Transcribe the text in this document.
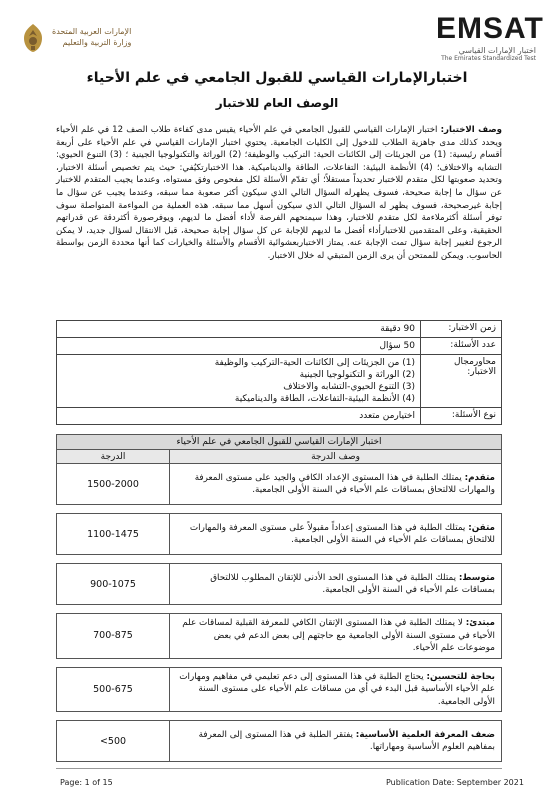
الإمارات العربية المتحدة
وزارة التربية والتعليم	EMSAT
اختبار الإمارات القياسي
The Emirates Standardized Test
اختبارالإمارات القياسي للقبول الجامعي في علم الأحياء
الوصف العام للاختبار
وصف الاختبار: اختبار الإمارات القياسي للقبول الجامعي في علم الأحياء يقيس مدى كفاءة طلاب الصف 12 في علم الأحياء ويحدد كذلك مدى جاهزية الطلاب للدخول إلى الكليات الجامعية. يحتوي اختبار الإمارات القياسي في علم الأحياء على أربعة أقسام رئيسية: (1) من الجزيئات إلى الكائنات الحية: التركيب والوظيفة؛ (2) الوراثة والتكنولوجيا الجينية ؛ (3) التنوع الحيوي: التشابه والاختلاف؛ (4) الأنظمة البيئية: التفاعلات، الطاقة والديناميكية. هذا الاختبارتكيُفي: حيث يتم تخصيص أسئلة الاختبار، وتحديد صعوبتها لكل متقدم للاختبار تحديداً مستقلاً؛ أي تقدّم الأسئلة لكل مفحوص وفق مستواه، وعندما يجيب المتقدم للاختبار عن سؤال ما إجابة صحيحة، فسوف يظهرله السؤال التالي الذي سيكون أكثر صعوبة مما سبقه، وعندما يجيب عن سؤال ما إجابة غيرصحيحة، فسوف يظهر له السؤال التالي الذي سيكون أسهل مما سبقه. هذه العملية من المواءمة المتواصلة سوف توفر أسئلة أكثرملاءمة لكل متقدم للاختبار، وهذا سيمنحهم الفرصة لأداء أفضل ما لديهم، ويوفرصورة أكثردقة عن قدراتهم الحقيقية، وعلى المتقدمين للاختبارأداء أفضل ما لديهم للإجابة عن كل سؤال إجابة صحيحة، قبل الانتقال لسؤال جديد، لا يمكن الرجوع لتغيير إجابة سؤال تمت الإجابة عنه. يمتاز الاختباربعشوائية الأقسام والأسئلة والخيارات كما أنها محددة الزمن بواسطة الحاسوب. ويمكن للممتحن أن يرى الزمن المتبقي له خلال الاختبار.
زمن الاختبار:	90 دقيقة

عدد الأسئلة:	50 سؤال

محاورمجال الاختبار:	(1) من الجزيئات إلى الكائنات الحية-التركيب والوظيفة
(2) الوراثة و التكنولوجيا الجينية
(3) التنوع الحيوي-التشابه والاختلاف
(4) الأنظمة البيئية-التفاعلات، الطاقة والديناميكية

نوع الأسئلة:	اختيارمن متعدد
اختبار الإمارات القياسي للقبول الجامعي في علم الأحياء	
وصف الدرجة	الدرجة
متقدم: يمتلك الطلبة في هذا المستوى الإعداد الكافي والجيد على مستوى المعرفة والمهارات للالتحاق بمساقات علم الأحياء في السنة الأولى الجامعية.	1500-2000

متقن: يمتلك الطلبة في هذا المستوى إعداداً مقبولاً على مستوى المعرفة والمهارات للالتحاق بمساقات علم الأحياء في السنة الأولى الجامعية.	1100-1475

متوسط: يمتلك الطلبة في هذا المستوى الحد الأدنى للإتقان المطلوب للالتحاق بمساقات علم الأحياء في السنة الأولى الجامعية.	900-1075

مبتدئ: لا يمتلك الطلبة في هذا المستوى الإتقان الكافي للمعرفة القبلية لمساقات علم الأحياء في مستوى السنة الأولى الجامعية مع حاجتهم إلى بعض الدعم في بعض موضوعات علم الأحياء.	700-875

بحاجة للتحسين: يحتاج الطلبة في هذا المستوى إلى دعم تعليمي في مفاهيم ومهارات علم الأحياء الأساسية قبل البدء في أي من مساقات علم الأحياء على مستوى السنة الأولى الجامعية.	500-675

ضعف المعرفة العلمية الأساسية: يفتقر الطلبة في هذا المستوى إلى المعرفة بمفاهيم العلوم الأساسية ومهاراتها.	<500
Page: 1 of 15	Publication Date: September 2021
